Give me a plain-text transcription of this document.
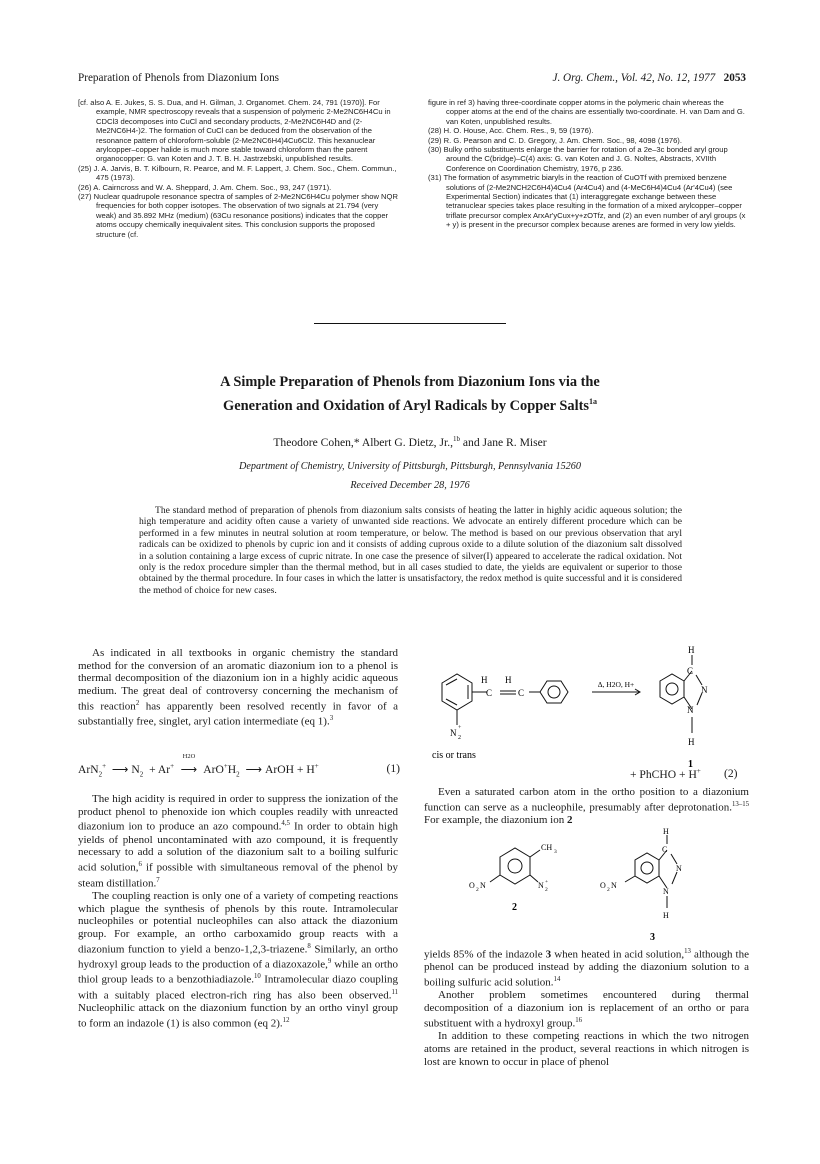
Preparation of Phenols from Diazonium Ions	J. Org. Chem., Vol. 42, No. 12, 1977 2053

[cf. also A. E. Jukes, S. S. Dua, and H. Gilman, J. Organomet. Chem. 24, 791 (1970)]. For example, NMR spectroscopy reveals that a suspension of polymeric 2-Me2NC6H4Cu in CDCl3 decomposes into CuCl and secondary products, 2-Me2NC6H4D and (2-Me2NC6H4-)2. The formation of CuCl can be deduced from the observation of the resonance pattern of chloroform-soluble (2-Me2NC6H4)4Cu6Cl2. This hexanuclear arylcopper–copper halide is much more stable toward chloroform than the parent organocopper: G. van Koten and J. T. B. H. Jastrzebski, unpublished results.

(25) J. A. Jarvis, B. T. Kilbourn, R. Pearce, and M. F. Lappert, J. Chem. Soc., Chem. Commun., 475 (1973).

(26) A. Cairncross and W. A. Sheppard, J. Am. Chem. Soc., 93, 247 (1971).

(27) Nuclear quadrupole resonance spectra of samples of 2-Me2NC6H4Cu polymer show NQR frequencies for both copper isotopes. The observation of two signals at 21.794 (very weak) and 35.892 MHz (medium) (63Cu resonance positions) indicates that the copper atoms occupy chemically inequivalent sites. This conclusion supports the proposed structure (cf.

figure in ref 3) having three-coordinate copper atoms in the polymeric chain whereas the copper atoms at the end of the chains are essentially two-coordinate. H. van Dam and G. van Koten, unpublished results.

(28) H. O. House, Acc. Chem. Res., 9, 59 (1976).

(29) R. G. Pearson and C. D. Gregory, J. Am. Chem. Soc., 98, 4098 (1976).

(30) Bulky ortho substituents enlarge the barrier for rotation of a 2e–3c bonded aryl group around the C(bridge)–C(4) axis: G. van Koten and J. G. Noltes, Abstracts, XVIIth Conference on Coordination Chemistry, 1976, p 236.

(31) The formation of asymmetric biaryls in the reaction of CuOTf with premixed benzene solutions of (2-Me2NCH2C6H4)4Cu4 (Ar4Cu4) and (4-MeC6H4)4Cu4 (Ar'4Cu4) (see Experimental Section) indicates that (1) interaggregate exchange between these tetranuclear species takes place resulting in the formation of a mixed arylcopper–copper triflate precursor complex ArxAr'yCux+y+zOTfz, and (2) an even number of aryl groups (x + y) is present in the precursor complex because arenes are formed in very low yields.

A Simple Preparation of Phenols from Diazonium Ions via the
Generation and Oxidation of Aryl Radicals by Copper Salts$^{1a}$
Theodore Cohen,* Albert G. Dietz, Jr.,$^{1b}$ and Jane R. Miser
Department of Chemistry, University of Pittsburgh, Pittsburgh, Pennsylvania 15260
Received December 28, 1976
The standard method of preparation of phenols from diazonium salts consists of heating the latter in highly acidic aqueous solution; the high temperature and acidity often cause a variety of unwanted side reactions. We advocate an entirely different procedure which can be performed in a few minutes in neutral solution at room temperature, or below. The method is based on our previous observation that aryl radicals can be oxidized to phenols by cupric ion and it consists of adding cuprous oxide to a dilute solution of the diazonium salt dissolved in a solution containing a large excess of cupric nitrate. In one case the presence of silver(I) appeared to accelerate the radical oxidation. Not only is the redox procedure simpler than the thermal method, but in all cases studied to date, the yields are equivalent or superior to those obtained by the thermal procedure. In four cases in which the latter is unsatisfactory, the redox method is quite successful and it is considered the method of choice for new cases.

As indicated in all textbooks in organic chemistry the standard method for the conversion of an aromatic diazonium ion to a phenol is thermal decomposition of the diazonium ion in a highly acidic aqueous medium. The great deal of controversy concerning the mechanism of this reaction$^2$ has apparently been resolved recently in favor of a substantially free, singlet, aryl cation intermediate (eq 1).$^3$

ArN$_2$+  ⟶ $N_2 + Ar^+$ ⟶
H2O
$ArO^+H_2$  ⟶ ArOH + H+	(1)

The high acidity is required in order to suppress the ionization of the product phenol to phenoxide ion which couples readily with unreacted diazonium ion to produce an azo compound.$^{4,5}$ In order to obtain high yields of phenol uncontaminated with azo compound, it is frequently necessary to add a solution of the diazonium salt to a boiling sulfuric acid solution,$^6$ if possible with simultaneous removal of the phenol by steam distillation.$^7$

The coupling reaction is only one of a variety of competing reactions which plague the synthesis of phenols by this route. Intramolecular nucleophiles or potential nucleophiles can also attack the diazonium group. For example, an ortho carboxamido group reacts with a diazonium function to yield a benzo-1,2,3-triazene.$^8$ Similarly, an ortho hydroxyl group leads to the production of a diazoxazole,$^9$ while an ortho thiol group leads to a benzothiadiazole.$^{10}$ Intramolecular diazo coupling with a suitably placed electron-rich ring has also been observed.$^{11}$ Nucleophilic attack on the diazonium function by an ortho vinyl group to form an indazole (1) is also common (eq 2).$^{12}$

H H
C	C
N 2
+
Δ, H2O, H+
cis or trans
H
C
N
N
H
1
+ PhCHO + H+ (2)

Even a saturated carbon atom in the ortho position to a diazonium function can serve as a nucleophile, presumably after deprotonation.$^{13-15}$ For example, the diazonium ion 2

CH 3
O 2 N	N 2
+
2
H
C
N
N
H
O 2 N
3

yields 85% of the indazole 3 when heated in acid solution,$^{13}$ although the phenol can be produced instead by adding the diazonium solution to a boiling sulfuric acid solution.$^{14}$

Another problem sometimes encountered during thermal decomposition of a diazonium ion is replacement of an ortho or para substituent with a hydroxyl group.$^{16}$

In addition to these competing reactions in which the two nitrogen atoms are retained in the product, several reactions in which nitrogen is lost are known to occur in place of phenol
